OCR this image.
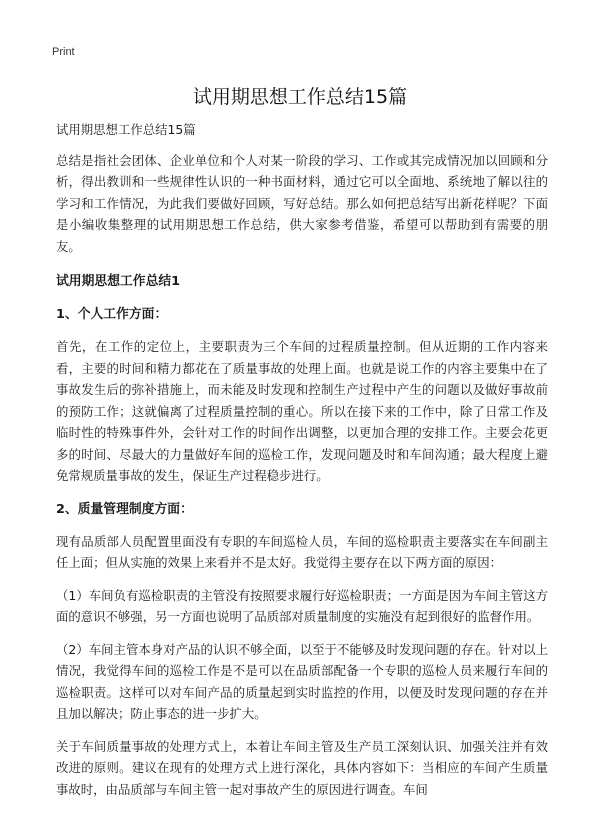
Print
试用期思想工作总结15篇

试用期思想工作总结15篇

总结是指社会团体、企业单位和个人对某一阶段的学习、工作或其完成情况加以回顾和分析，得出教训和一些规律性认识的一种书面材料，通过它可以全面地、系统地了解以往的学习和工作情况，为此我们要做好回顾，写好总结。那么如何把总结写出新花样呢？下面是小编收集整理的试用期思想工作总结，供大家参考借鉴，希望可以帮助到有需要的朋友。

试用期思想工作总结1
1、个人工作方面：

首先，在工作的定位上，主要职责为三个车间的过程质量控制。但从近期的工作内容来看，主要的时间和精力都花在了质量事故的处理上面。也就是说工作的内容主要集中在了事故发生后的弥补措施上，而未能及时发现和控制生产过程中产生的问题以及做好事故前的预防工作；这就偏离了过程质量控制的重心。所以在接下来的工作中，除了日常工作及临时性的特殊事件外，会针对工作的时间作出调整，以更加合理的安排工作。主要会花更多的时间、尽最大的力量做好车间的巡检工作，发现问题及时和车间沟通；最大程度上避免常规质量事故的发生，保证生产过程稳步进行。

2、质量管理制度方面：

现有品质部人员配置里面没有专职的车间巡检人员，车间的巡检职责主要落实在车间副主任上面；但从实施的效果上来看并不是太好。我觉得主要存在以下两方面的原因：

（1）车间负有巡检职责的主管没有按照要求履行好巡检职责；一方面是因为车间主管这方面的意识不够强，另一方面也说明了品质部对质量制度的实施没有起到很好的监督作用。

（2）车间主管本身对产品的认识不够全面，以至于不能够及时发现问题的存在。针对以上情况，我觉得车间的巡检工作是不是可以在品质部配备一个专职的巡检人员来履行车间的巡检职责。这样可以对车间产品的质量起到实时监控的作用，以便及时发现问题的存在并且加以解决；防止事态的进一步扩大。

关于车间质量事故的处理方式上，本着让车间主管及生产员工深刻认识、加强关注并有效改进的原则。建议在现有的处理方式上进行深化，具体内容如下：当相应的车间产生质量事故时，由品质部与车间主管一起对事故产生的原因进行调查。车间
